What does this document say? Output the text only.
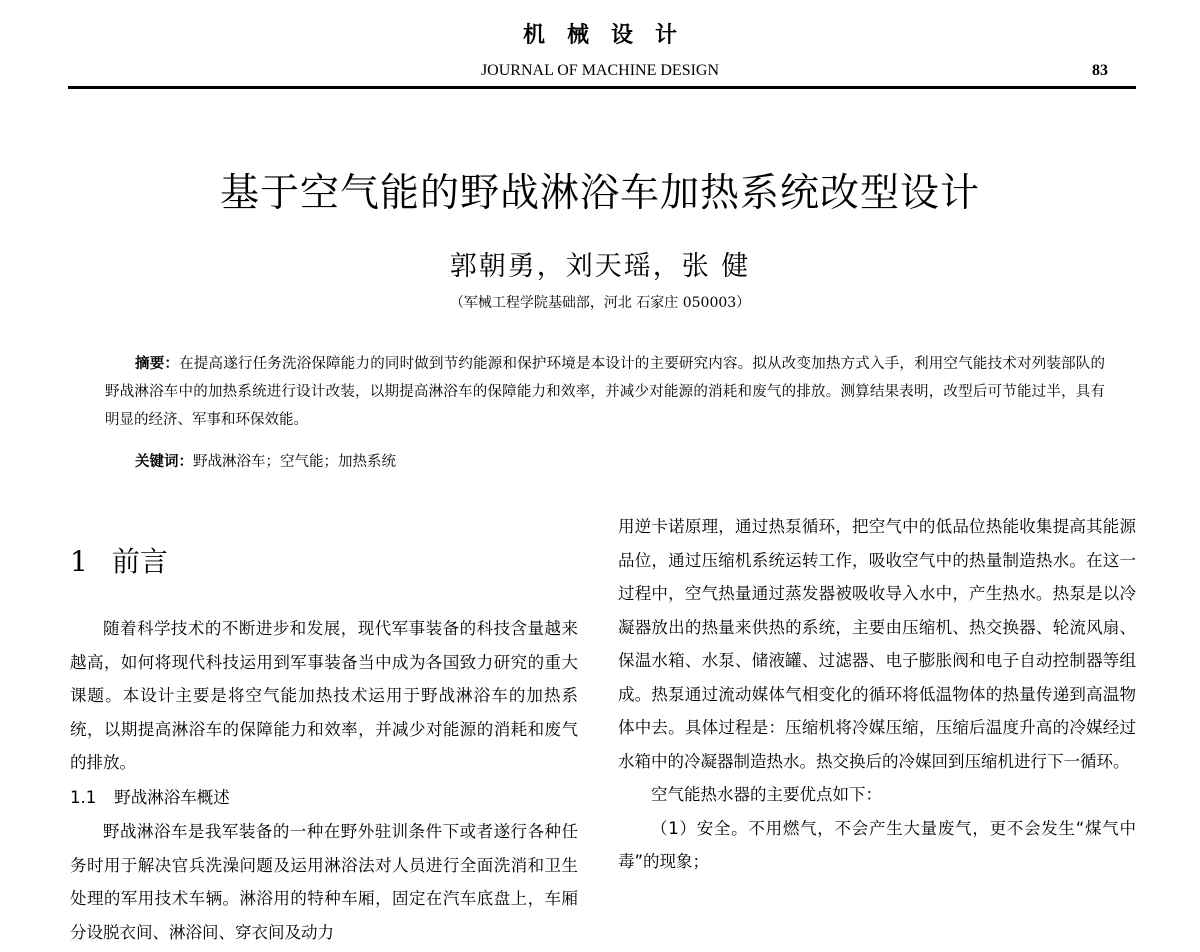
机械设计
JOURNAL OF MACHINE DESIGN	83
基于空气能的野战淋浴车加热系统改型设计
郭朝勇，刘天瑶，张 健
（军械工程学院基础部，河北 石家庄 050003）
摘要：在提高遂行任务洗浴保障能力的同时做到节约能源和保护环境是本设计的主要研究内容。拟从改变加热方式入手，利用空气能技术对列装部队的野战淋浴车中的加热系统进行设计改装，以期提高淋浴车的保障能力和效率，并减少对能源的消耗和废气的排放。测算结果表明，改型后可节能过半，具有明显的经济、军事和环保效能。
关键词：野战淋浴车；空气能；加热系统
1 前言

随着科学技术的不断进步和发展，现代军事装备的科技含量越来越高，如何将现代科技运用到军事装备当中成为各国致力研究的重大课题。本设计主要是将空气能加热技术运用于野战淋浴车的加热系统，以期提高淋浴车的保障能力和效率，并减少对能源的消耗和废气的排放。

1.1 野战淋浴车概述

野战淋浴车是我军装备的一种在野外驻训条件下或者遂行各种任务时用于解决官兵洗澡问题及运用淋浴法对人员进行全面洗消和卫生处理的军用技术车辆。淋浴用的特种车厢，固定在汽车底盘上，车厢分设脱衣间、淋浴间、穿衣间及动力

用逆卡诺原理，通过热泵循环，把空气中的低品位热能收集提高其能源品位，通过压缩机系统运转工作，吸收空气中的热量制造热水。在这一过程中，空气热量通过蒸发器被吸收导入水中，产生热水。热泵是以冷凝器放出的热量来供热的系统，主要由压缩机、热交换器、轮流风扇、保温水箱、水泵、储液罐、过滤器、电子膨胀阀和电子自动控制器等组成。热泵通过流动媒体气相变化的循环将低温物体的热量传递到高温物体中去。具体过程是：压缩机将冷媒压缩，压缩后温度升高的冷媒经过水箱中的冷凝器制造热水。热交换后的冷媒回到压缩机进行下一循环。

空气能热水器的主要优点如下：

（1）安全。不用燃气，不会产生大量废气，更不会发生“煤气中毒”的现象；
